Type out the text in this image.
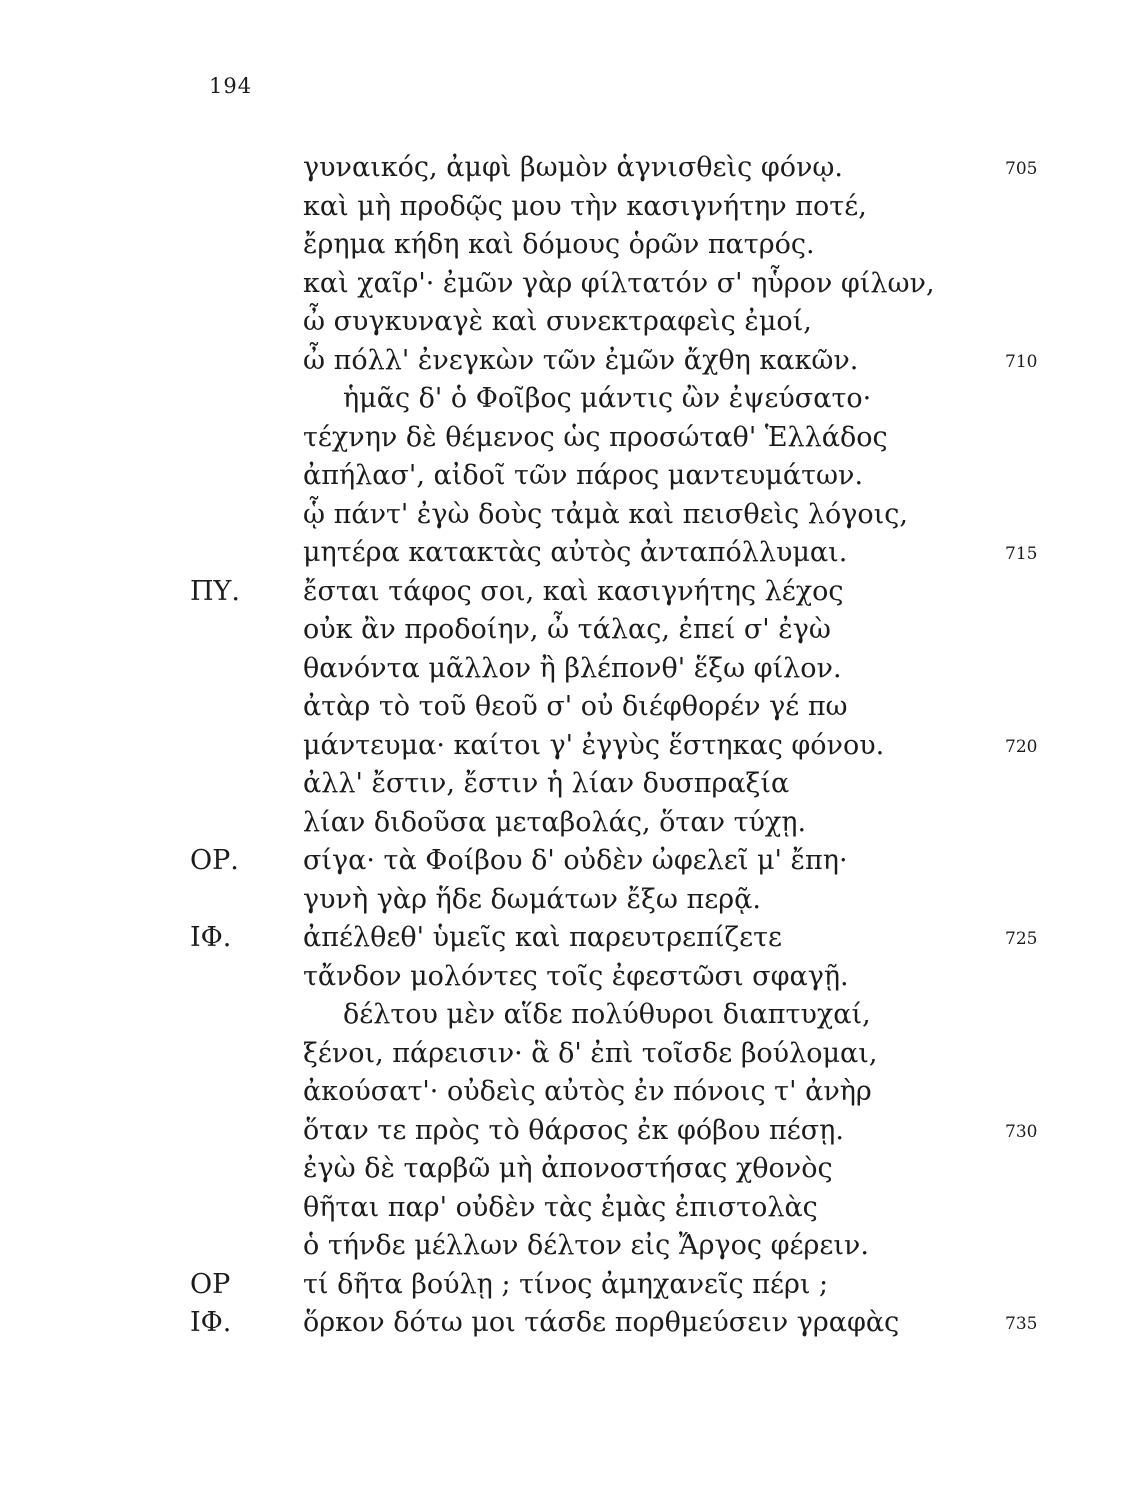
194
γυναικός, ἀμφὶ βωμὸν ἁγνισθεὶς φόνῳ.	705
καὶ μὴ προδῷς μου τὴν κασιγνήτην ποτέ,
ἔρημα κήδη καὶ δόμους ὁρῶν πατρός.
καὶ χαῖρ'· ἐμῶν γὰρ φίλτατόν σ' ηὗρον φίλων,
ὦ συγκυναγὲ καὶ συνεκτραφεὶς ἐμοί,
ὦ πόλλ' ἐνεγκὼν τῶν ἐμῶν ἄχθη κακῶν.	710
ἡμᾶς δ' ὁ Φοῖβος μάντις ὢν ἐψεύσατο·
τέχνην δὲ θέμενος ὡς προσώταθ' Ἑλλάδος
ἀπήλασ', αἰδοῖ τῶν πάρος μαντευμάτων.
ᾧ πάντ' ἐγὼ δοὺς τἀμὰ καὶ πεισθεὶς λόγοις,
μητέρα κατακτὰς αὐτὸς ἀνταπόλλυμαι.	715
ΠΥ. ἔσται τάφος σοι, καὶ κασιγνήτης λέχος
οὐκ ἂν προδοίην, ὦ τάλας, ἐπεί σ' ἐγὼ
θανόντα μᾶλλον ἢ βλέπονθ' ἕξω φίλον.
ἀτὰρ τὸ τοῦ θεοῦ σ' οὐ διέφθορέν γέ πω
μάντευμα· καίτοι γ' ἐγγὺς ἕστηκας φόνου.	720
ἀλλ' ἔστιν, ἔστιν ἡ λίαν δυσπραξία
λίαν διδοῦσα μεταβολάς, ὅταν τύχῃ.
ΟΡ. σίγα· τὰ Φοίβου δ' οὐδὲν ὠφελεῖ μ' ἔπη·
γυνὴ γὰρ ἥδε δωμάτων ἔξω περᾷ.
ΙΦ.	ἀπέλθεθ' ὑμεῖς καὶ παρευτρεπίζετε	725
τἄνδον μολόντες τοῖς ἐφεστῶσι σφαγῇ.
δέλτου μὲν αἵδε πολύθυροι διαπτυχαί,
ξένοι, πάρεισιν· ἃ δ' ἐπὶ τοῖσδε βούλομαι,
ἀκούσατ'· οὐδεὶς αὐτὸς ἐν πόνοις τ' ἀνὴρ
ὅταν τε πρὸς τὸ θάρσος ἐκ φόβου πέσῃ.	730
ἐγὼ δὲ ταρβῶ μὴ ἀπονοστήσας χθονὸς
θῆται παρ' οὐδὲν τὰς ἐμὰς ἐπιστολὰς
ὁ τήνδε μέλλων δέλτον εἰς Ἄργος φέρειν.
ΟΡ	τί δῆτα βούλῃ ; τίνος ἀμηχανεῖς πέρι ;
ΙΦ.	ὅρκον δότω μοι τάσδε πορθμεύσειν γραφὰς	735
